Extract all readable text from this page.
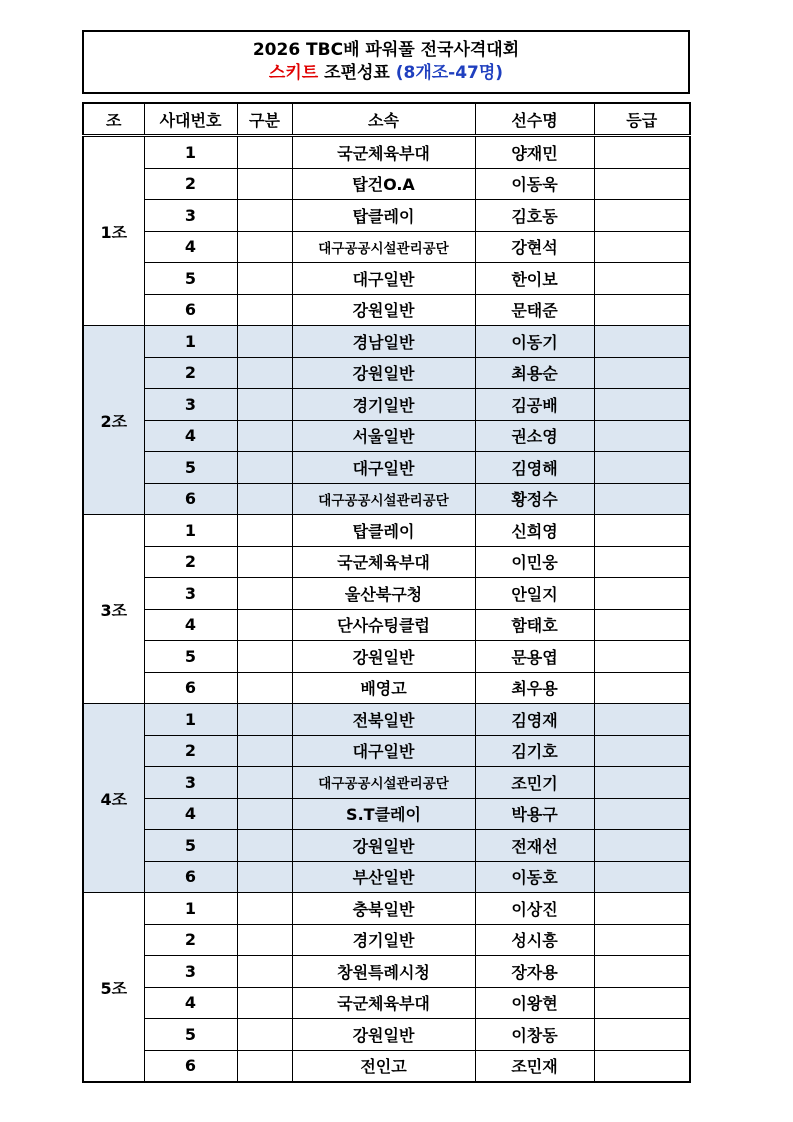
2026 TBC배 파워풀 전국사격대회
스키트 조편성표 (8개조-47명)
조	사대번호	구분	소속	선수명	등급
1조	1		국군체육부대	양재민	
	2		탑건O.A	이동욱	
	3		탑클레이	김호동	
	4		대구공공시설관리공단	강현석	
	5		대구일반	한이보	
	6		강원일반	문태준	
2조	1		경남일반	이동기	
	2		강원일반	최용순	
	3		경기일반	김공배	
	4		서울일반	권소영	
	5		대구일반	김영해	
	6		대구공공시설관리공단	황정수	
3조	1		탑클레이	신희영	
	2		국군체육부대	이민웅	
	3		울산북구청	안일지	
	4		단사슈팅클럽	함태호	
	5		강원일반	문용엽	
	6		배영고	최우용	
4조	1		전북일반	김영재	
	2		대구일반	김기호	
	3		대구공공시설관리공단	조민기	
	4		S.T클레이	박용구	
	5		강원일반	전재선	
	6		부산일반	이동호	
5조	1		충북일반	이상진	
	2		경기일반	성시흥	
	3		창원특례시청	장자용	
	4		국군체육부대	이왕현	
	5		강원일반	이창동	
	6		전인고	조민재	
